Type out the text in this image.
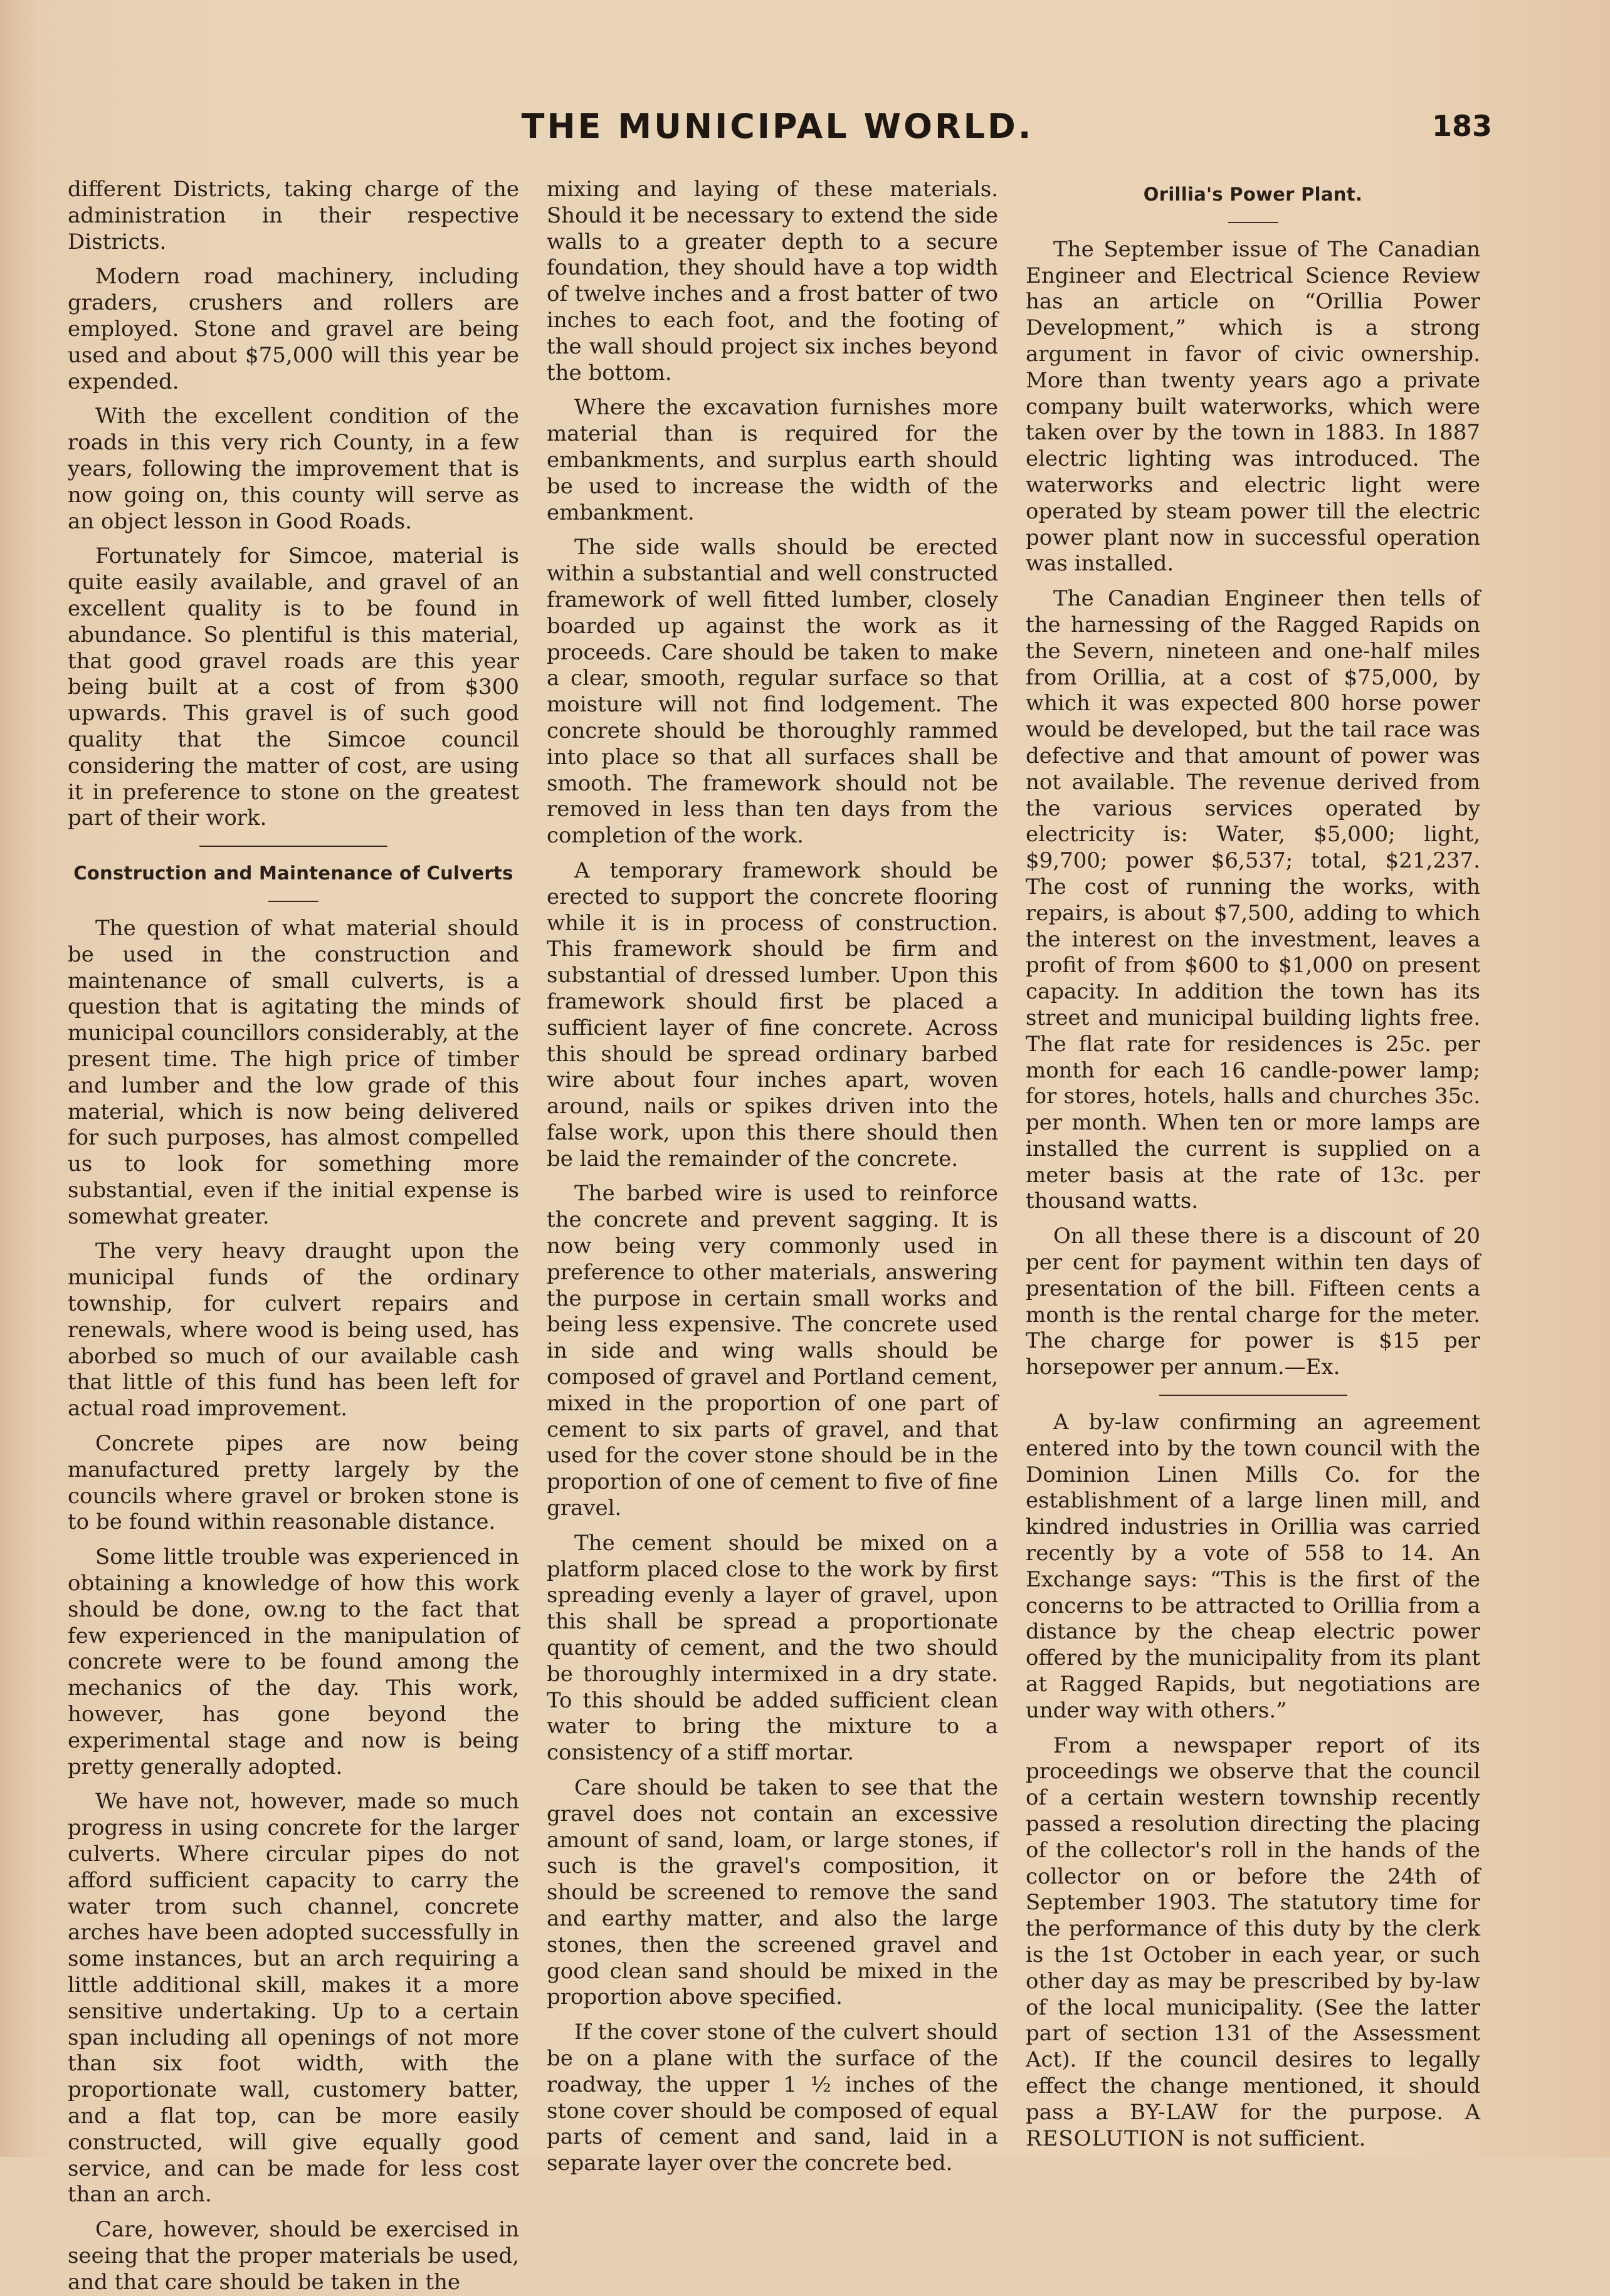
THE MUNICIPAL WORLD.	183

different Districts, taking charge of the administration in their respective Districts.

Modern road machinery, including graders, crushers and rollers are employed. Stone and gravel are being used and about $75,000 will this year be expended.

With the excellent condition of the roads in this very rich County, in a few years, following the improvement that is now going on, this county will serve as an object lesson in Good Roads.

Fortunately for Simcoe, material is quite easily available, and gravel of an excellent quality is to be found in abundance. So plentiful is this material, that good gravel roads are this year being built at a cost of from $300 upwards. This gravel is of such good quality that the Simcoe council considering the matter of cost, are using it in preference to stone on the greatest part of their work.

Construction and Maintenance of Culverts

The question of what material should be used in the construction and maintenance of small culverts, is a question that is agitating the minds of municipal councillors considerably, at the present time. The high price of timber and lumber and the low grade of this material, which is now being delivered for such purposes, has almost compelled us to look for something more substantial, even if the initial expense is somewhat greater.

The very heavy draught upon the municipal funds of the ordinary township, for culvert repairs and renewals, where wood is being used, has aborbed so much of our available cash that little of this fund has been left for actual road improvement.

Concrete pipes are now being manufactured pretty largely by the councils where gravel or broken stone is to be found within reasonable distance.

Some little trouble was experienced in obtaining a knowledge of how this work should be done, ow.ng to the fact that few experienced in the manipulation of concrete were to be found among the mechanics of the day. This work, however, has gone beyond the experimental stage and now is being pretty generally adopted.

We have not, however, made so much progress in using concrete for the larger culverts. Where circular pipes do not afford sufficient capacity to carry the water trom such channel, concrete arches have been adopted successfully in some instances, but an arch requiring a little additional skill, makes it a more sensitive undertaking. Up to a certain span including all openings of not more than six foot width, with the proportionate wall, customery batter, and a flat top, can be more easily constructed, will give equally good service, and can be made for less cost than an arch.

Care, however, should be exercised in seeing that the proper materials be used, and that care should be taken in the

mixing and laying of these materials. Should it be necessary to extend the side walls to a greater depth to a secure foundation, they should have a top width of twelve inches and a frost batter of two inches to each foot, and the footing of the wall should project six inches beyond the bottom.

Where the excavation furnishes more material than is required for the embankments, and surplus earth should be used to increase the width of the embankment.

The side walls should be erected within a substantial and well constructed framework of well fitted lumber, closely boarded up against the work as it proceeds. Care should be taken to make a clear, smooth, regular surface so that moisture will not find lodgement. The concrete should be thoroughly rammed into place so that all surfaces shall be smooth. The framework should not be removed in less than ten days from the completion of the work.

A temporary framework should be erected to support the concrete flooring while it is in process of construction. This framework should be firm and substantial of dressed lumber. Upon this framework should first be placed a sufficient layer of fine concrete. Across this should be spread ordinary barbed wire about four inches apart, woven around, nails or spikes driven into the false work, upon this there should then be laid the remainder of the concrete.

The barbed wire is used to reinforce the concrete and prevent sagging. It is now being very commonly used in preference to other materials, answering the purpose in certain small works and being less expensive. The concrete used in side and wing walls should be composed of gravel and Portland cement, mixed in the proportion of one part of cement to six parts of gravel, and that used for the cover stone should be in the proportion of one of cement to five of fine gravel.

The cement should be mixed on a platform placed close to the work by first spreading evenly a layer of gravel, upon this shall be spread a proportionate quantity of cement, and the two should be thoroughly intermixed in a dry state. To this should be added sufficient clean water to bring the mixture to a consistency of a stiff mortar.

Care should be taken to see that the gravel does not contain an excessive amount of sand, loam, or large stones, if such is the gravel's composition, it should be screened to remove the sand and earthy matter, and also the large stones, then the screened gravel and good clean sand should be mixed in the proportion above specified.

If the cover stone of the culvert should be on a plane with the surface of the roadway, the upper 1 ½ inches of the stone cover should be composed of equal parts of cement and sand, laid in a separate layer over the concrete bed.

Orillia's Power Plant.

The September issue of The Canadian Engineer and Electrical Science Review has an article on “Orillia Power Development,” which is a strong argument in favor of civic ownership. More than twenty years ago a private company built waterworks, which were taken over by the town in 1883. In 1887 electric lighting was introduced. The waterworks and electric light were operated by steam power till the electric power plant now in successful operation was installed.

The Canadian Engineer then tells of the harnessing of the Ragged Rapids on the Severn, nineteen and one-half miles from Orillia, at a cost of $75,000, by which it was expected 800 horse power would be developed, but the tail race was defective and that amount of power was not available. The revenue derived from the various services operated by electricity is: Water, $5,000; light, $9,700; power $6,537; total, $21,237. The cost of running the works, with repairs, is about $7,500, adding to which the interest on the investment, leaves a profit of from $600 to $1,000 on present capacity. In addition the town has its street and municipal building lights free. The flat rate for residences is 25c. per month for each 16 candle-power lamp; for stores, hotels, halls and churches 35c. per month. When ten or more lamps are installed the current is supplied on a meter basis at the rate of 13c. per thousand watts.

On all these there is a discount of 20 per cent for payment within ten days of presentation of the bill. Fifteen cents a month is the rental charge for the meter. The charge for power is $15 per horsepower per annum.—Ex.

A by-law confirming an agreement entered into by the town council with the Dominion Linen Mills Co. for the establishment of a large linen mill, and kindred industries in Orillia was carried recently by a vote of 558 to 14. An Exchange says: “This is the first of the concerns to be attracted to Orillia from a distance by the cheap electric power offered by the municipality from its plant at Ragged Rapids, but negotiations are under way with others.”

From a newspaper report of its proceedings we observe that the council of a certain western township recently passed a resolution directing the placing of the collector's roll in the hands of the collector on or before the 24th of September 1903. The statutory time for the performance of this duty by the clerk is the 1st October in each year, or such other day as may be prescribed by by-law of the local municipality. (See the latter part of section 131 of the Assessment Act). If the council desires to legally effect the change mentioned, it should pass a BY-LAW for the purpose. A RESOLUTION is not sufficient.
